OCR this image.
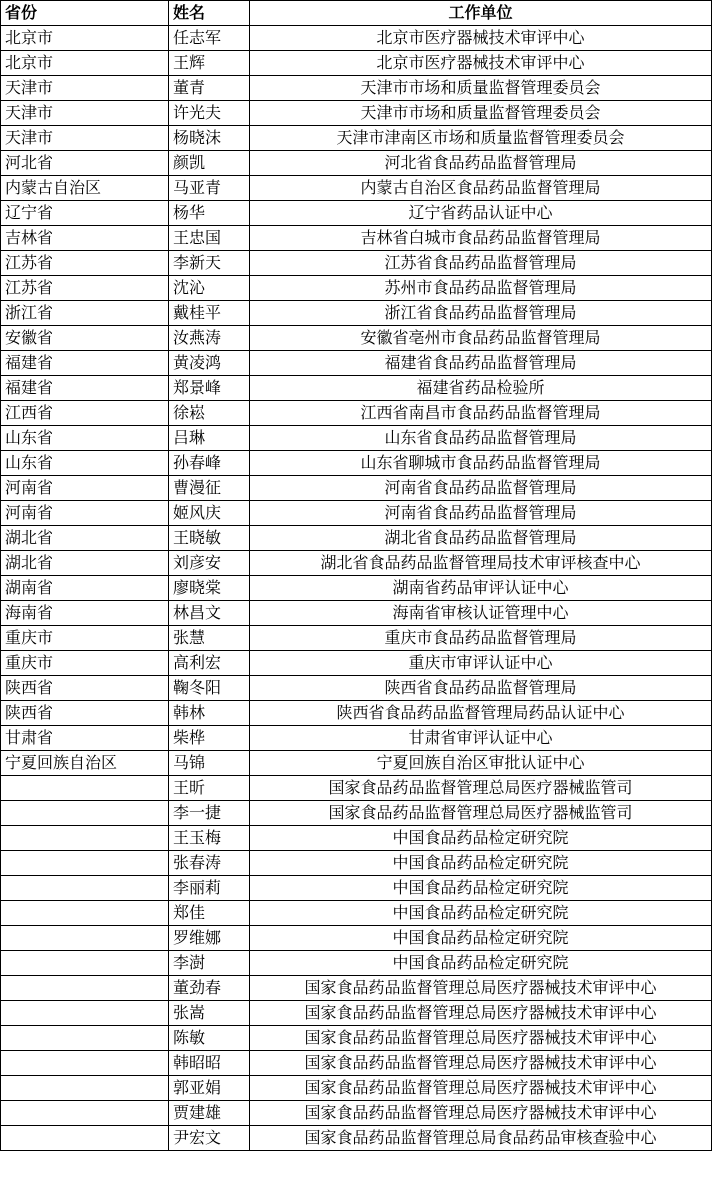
省份	姓名	工作单位
北京市	任志军	北京市医疗器械技术审评中心
北京市	王辉	北京市医疗器械技术审评中心
天津市	董青	天津市市场和质量监督管理委员会
天津市	许光夫	天津市市场和质量监督管理委员会
天津市	杨晓沫	天津市津南区市场和质量监督管理委员会
河北省	颜凯	河北省食品药品监督管理局
内蒙古自治区	马亚青	内蒙古自治区食品药品监督管理局
辽宁省	杨华	辽宁省药品认证中心
吉林省	王忠国	吉林省白城市食品药品监督管理局
江苏省	李新天	江苏省食品药品监督管理局
江苏省	沈沁	苏州市食品药品监督管理局
浙江省	戴桂平	浙江省食品药品监督管理局
安徽省	汝燕涛	安徽省亳州市食品药品监督管理局
福建省	黄凌鸿	福建省食品药品监督管理局
福建省	郑景峰	福建省药品检验所
江西省	徐崧	江西省南昌市食品药品监督管理局
山东省	吕琳	山东省食品药品监督管理局
山东省	孙春峰	山东省聊城市食品药品监督管理局
河南省	曹漫征	河南省食品药品监督管理局
河南省	姬风庆	河南省食品药品监督管理局
湖北省	王晓敏	湖北省食品药品监督管理局
湖北省	刘彦安	湖北省食品药品监督管理局技术审评核查中心
湖南省	廖晓棠	湖南省药品审评认证中心
海南省	林昌文	海南省审核认证管理中心
重庆市	张慧	重庆市食品药品监督管理局
重庆市	高利宏	重庆市审评认证中心
陕西省	鞠冬阳	陕西省食品药品监督管理局
陕西省	韩林	陕西省食品药品监督管理局药品认证中心
甘肃省	柴桦	甘肃省审评认证中心
宁夏回族自治区	马锦	宁夏回族自治区审批认证中心
	王昕	国家食品药品监督管理总局医疗器械监管司
	李一捷	国家食品药品监督管理总局医疗器械监管司
	王玉梅	中国食品药品检定研究院
	张春涛	中国食品药品检定研究院
	李丽莉	中国食品药品检定研究院
	郑佳	中国食品药品检定研究院
	罗维娜	中国食品药品检定研究院
	李澍	中国食品药品检定研究院
	董劲春	国家食品药品监督管理总局医疗器械技术审评中心
	张嵩	国家食品药品监督管理总局医疗器械技术审评中心
	陈敏	国家食品药品监督管理总局医疗器械技术审评中心
	韩昭昭	国家食品药品监督管理总局医疗器械技术审评中心
	郭亚娟	国家食品药品监督管理总局医疗器械技术审评中心
	贾建雄	国家食品药品监督管理总局医疗器械技术审评中心
	尹宏文	国家食品药品监督管理总局食品药品审核查验中心
